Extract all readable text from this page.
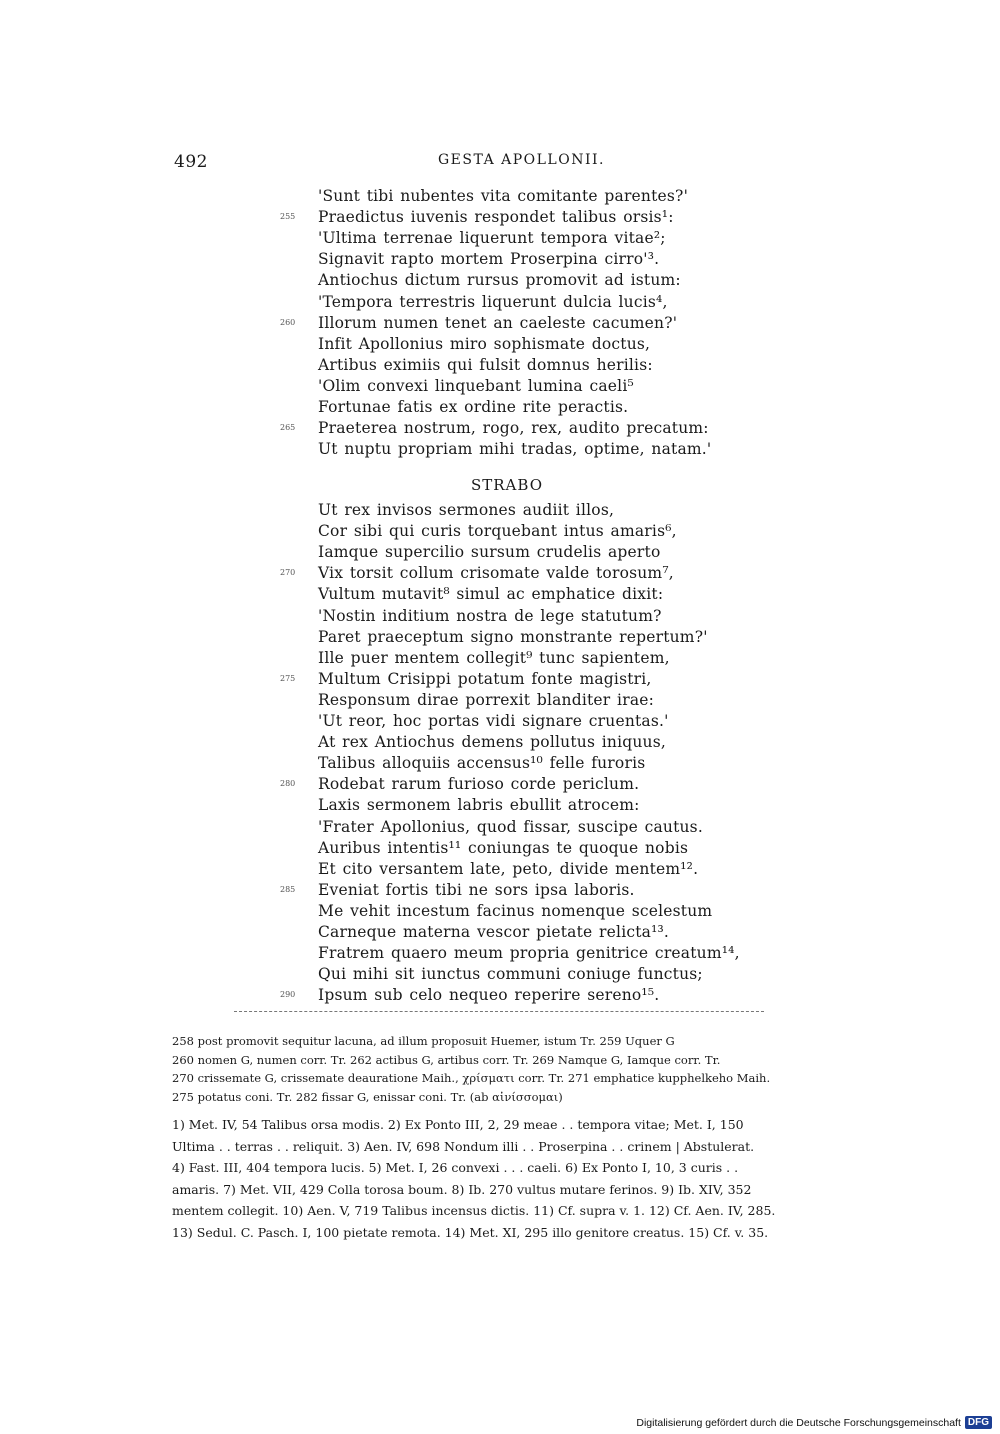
492	GESTA APOLLONII.
'Sunt tibi nubentes vita comitante parentes?'
Praedictus iuvenis respondet talibus orsis¹:
255
'Ultima terrenae liquerunt tempora vitae²;
Signavit rapto mortem Proserpina cirro'³.
Antiochus dictum rursus promovit ad istum:
'Tempora terrestris liquerunt dulcia lucis⁴,
Illorum numen tenet an caeleste cacumen?'
260
Infit Apollonius miro sophismate doctus,
Artibus eximiis qui fulsit domnus herilis:
'Olim convexi linquebant lumina caeli⁵
Fortunae fatis ex ordine rite peractis.
Praeterea nostrum, rogo, rex, audito precatum:
265
Ut nuptu propriam mihi tradas, optime, natam.'
STRABO
Ut rex invisos sermones audiit illos,
Cor sibi qui curis torquebant intus amaris⁶,
Iamque supercilio sursum crudelis aperto
Vix torsit collum crisomate valde torosum⁷,
270
Vultum mutavit⁸ simul ac emphatice dixit:
'Nostin inditium nostra de lege statutum?
Paret praeceptum signo monstrante repertum?'
Ille puer mentem collegit⁹ tunc sapientem,
Multum Crisippi potatum fonte magistri,
275
Responsum dirae porrexit blanditer irae:
'Ut reor, hoc portas vidi signare cruentas.'
At rex Antiochus demens pollutus iniquus,
Talibus alloquiis accensus¹⁰ felle furoris
Rodebat rarum furioso corde periclum.
280
Laxis sermonem labris ebullit atrocem:
'Frater Apollonius, quod fissar, suscipe cautus.
Auribus intentis¹¹ coniungas te quoque nobis
Et cito versantem late, peto, divide mentem¹².
Eveniat fortis tibi ne sors ipsa laboris.
285
Me vehit incestum facinus nomenque scelestum
Carneque materna vescor pietate relicta¹³.
Fratrem quaero meum propria genitrice creatum¹⁴,
Qui mihi sit iunctus communi coniuge functus;
Ipsum sub celo nequeo reperire sereno¹⁵.
290
258 post promovit sequitur lacuna, ad illum proposuit Huemer, istum Tr. 259 Uquer G
260 nomen G, numen corr. Tr. 262 actibus G, artibus corr. Tr. 269 Namque G, Iamque corr. Tr.
270 crissemate G, crissemate deauratione Maih., χρίσματι corr. Tr. 271 emphatice kupphelkeho Maih.
275 potatus coni. Tr. 282 fissar G, enissar coni. Tr. (ab αἰνίσσομαι)
1) Met. IV, 54 Talibus orsa modis. 2) Ex Ponto III, 2, 29 meae . . tempora vitae; Met. I, 150
Ultima . . terras . . reliquit. 3) Aen. IV, 698 Nondum illi . . Proserpina . . crinem | Abstulerat.
4) Fast. III, 404 tempora lucis. 5) Met. I, 26 convexi . . . caeli. 6) Ex Ponto I, 10, 3 curis . .
amaris. 7) Met. VII, 429 Colla torosa boum. 8) Ib. 270 vultus mutare ferinos. 9) Ib. XIV, 352
mentem collegit. 10) Aen. V, 719 Talibus incensus dictis. 11) Cf. supra v. 1. 12) Cf. Aen. IV, 285.
13) Sedul. C. Pasch. I, 100 pietate remota. 14) Met. XI, 295 illo genitore creatus. 15) Cf. v. 35.
Digitalisierung gefördert durch die Deutsche Forschungsgemeinschaft DFG
